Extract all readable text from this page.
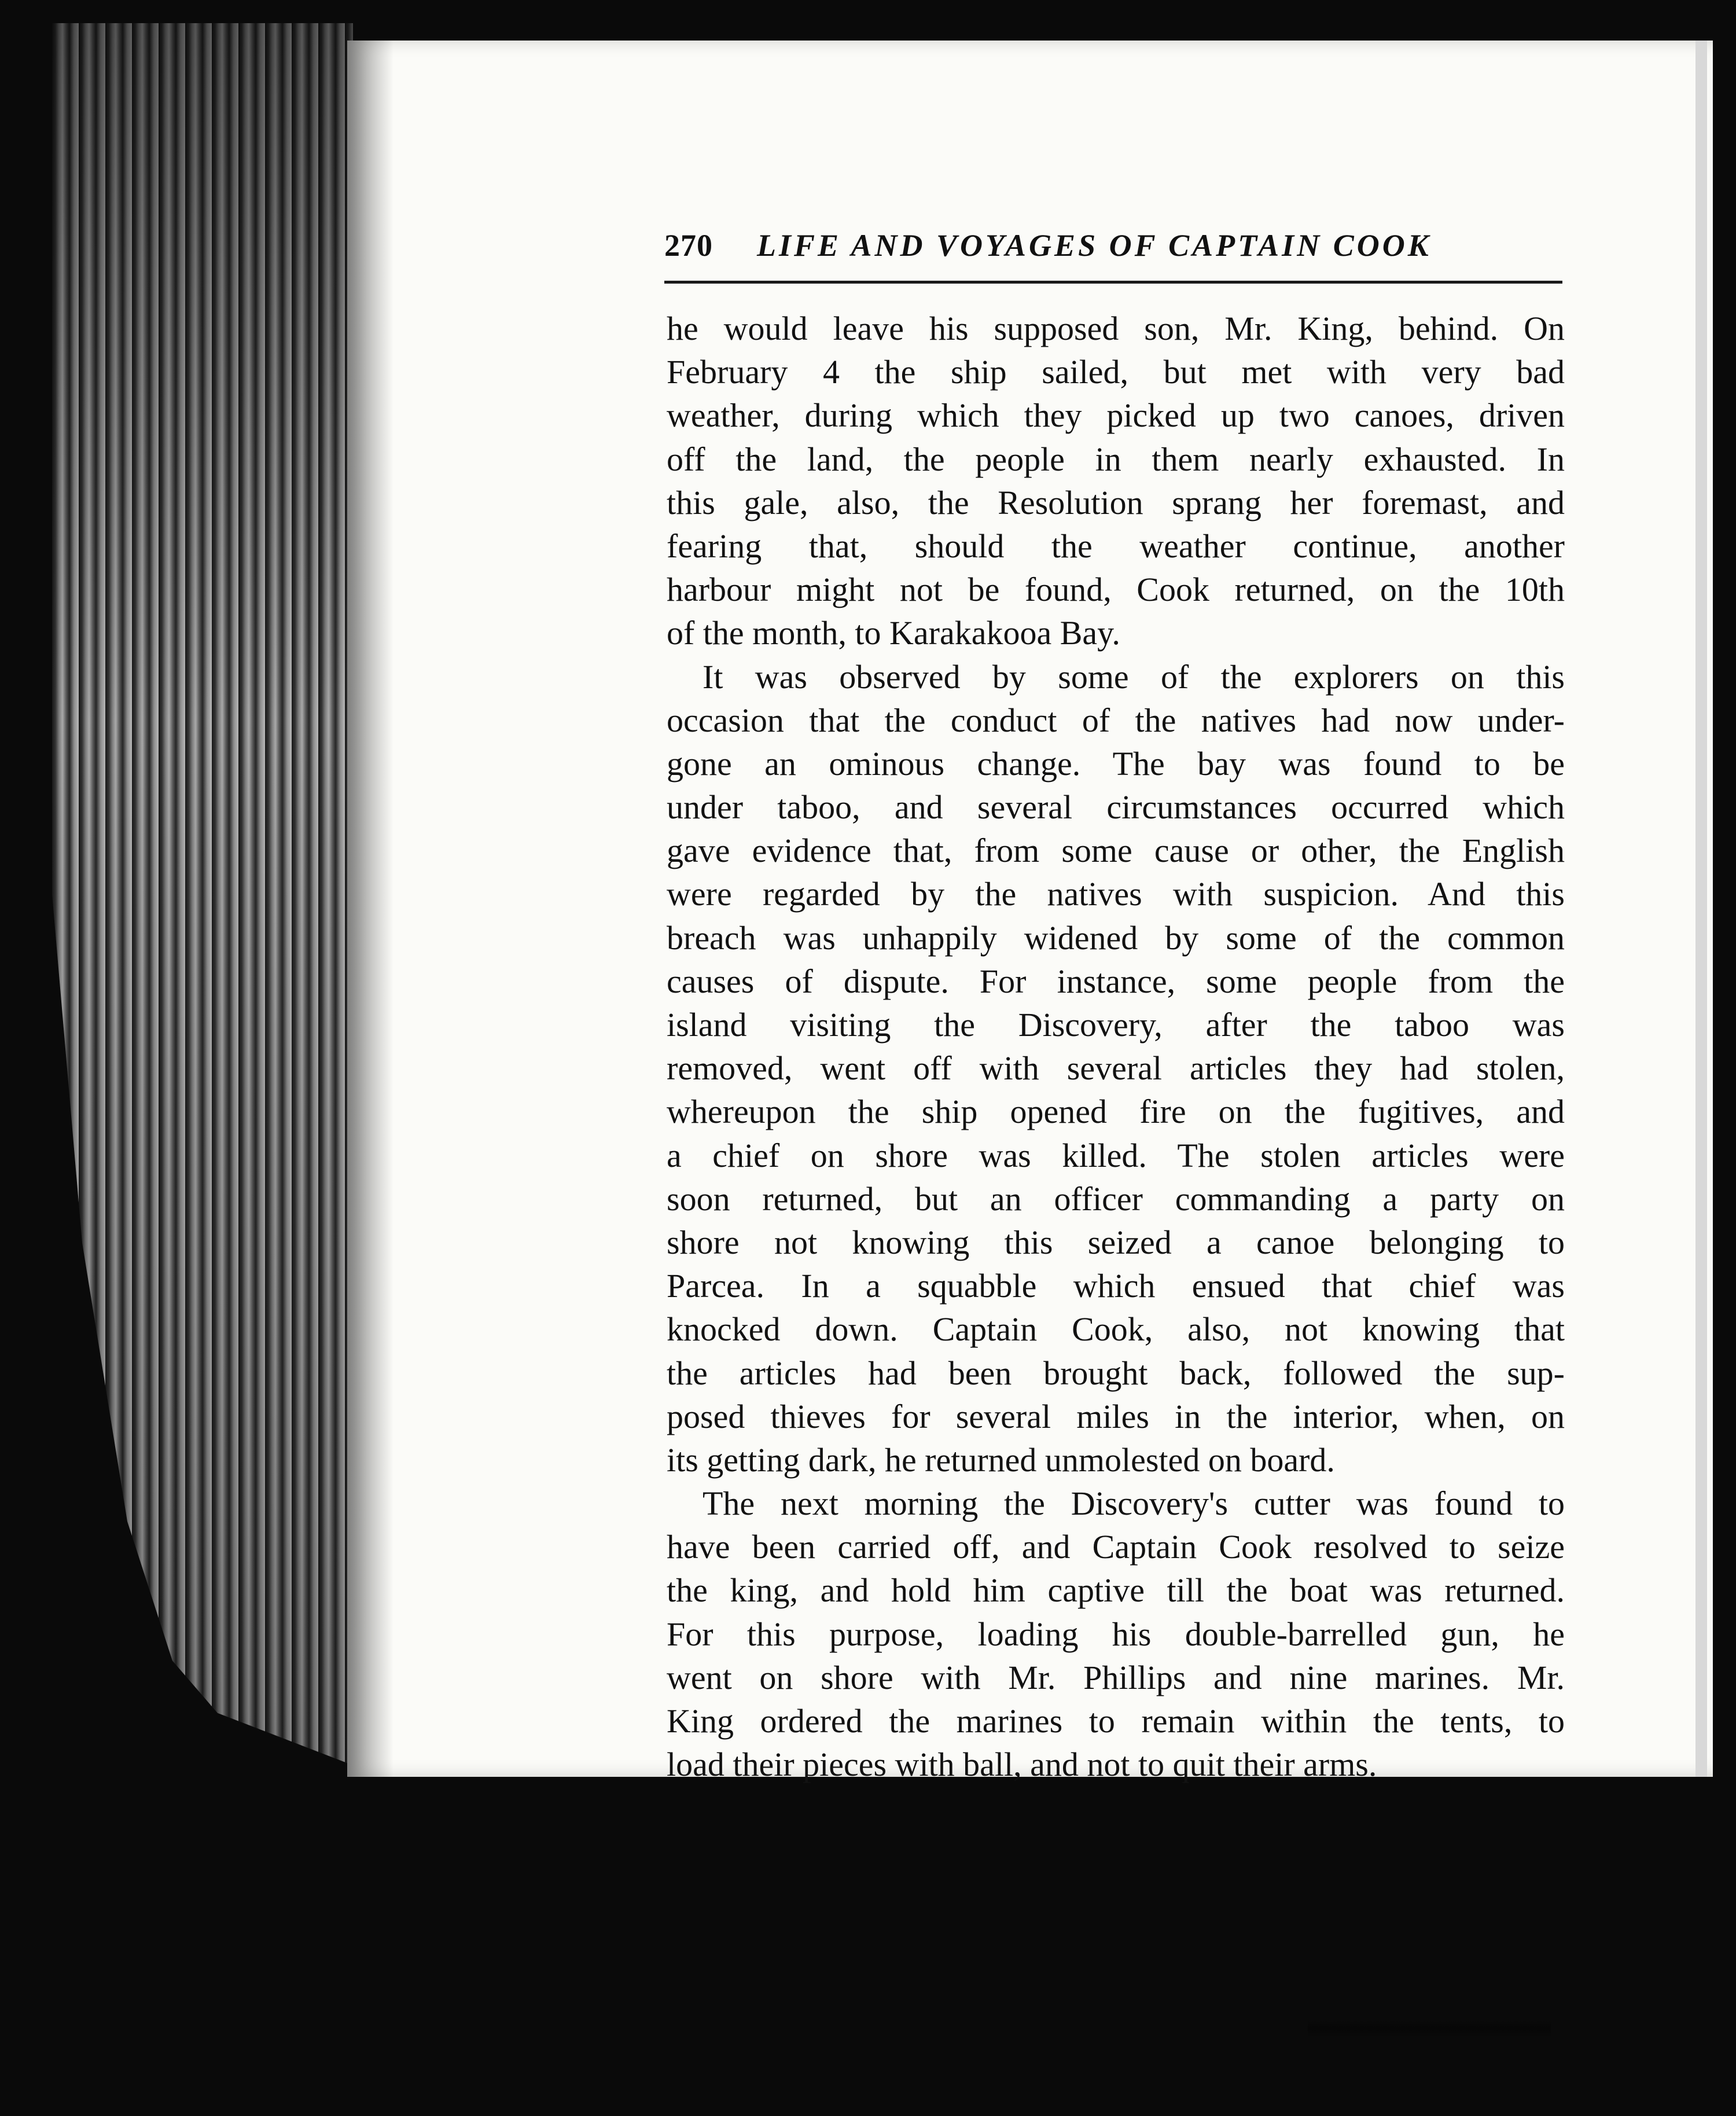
270 LIFE AND VOYAGES OF CAPTAIN COOK
he would leave his supposed son, Mr. King, behind. On
February 4 the ship sailed, but met with very bad
weather, during which they picked up two canoes, driven
off the land, the people in them nearly exhausted. In
this gale, also, the Resolution sprang her foremast, and
fearing that, should the weather continue, another
harbour might not be found, Cook returned, on the 10th
of the month, to Karakakooa Bay.
It was observed by some of the explorers on this
occasion that the conduct of the natives had now under-
gone an ominous change. The bay was found to be
under taboo, and several circumstances occurred which
gave evidence that, from some cause or other, the English
were regarded by the natives with suspicion. And this
breach was unhappily widened by some of the common
causes of dispute. For instance, some people from the
island visiting the Discovery, after the taboo was
removed, went off with several articles they had stolen,
whereupon the ship opened fire on the fugitives, and
a chief on shore was killed. The stolen articles were
soon returned, but an officer commanding a party on
shore not knowing this seized a canoe belonging to
Parcea. In a squabble which ensued that chief was
knocked down. Captain Cook, also, not knowing that
the articles had been brought back, followed the sup-
posed thieves for several miles in the interior, when, on
its getting dark, he returned unmolested on board.
The next morning the Discovery's cutter was found to
have been carried off, and Captain Cook resolved to seize
the king, and hold him captive till the boat was returned.
For this purpose, loading his double-barrelled gun, he
went on shore with Mr. Phillips and nine marines. Mr.
King ordered the marines to remain within the tents, to
load their pieces with ball, and not to quit their arms.
